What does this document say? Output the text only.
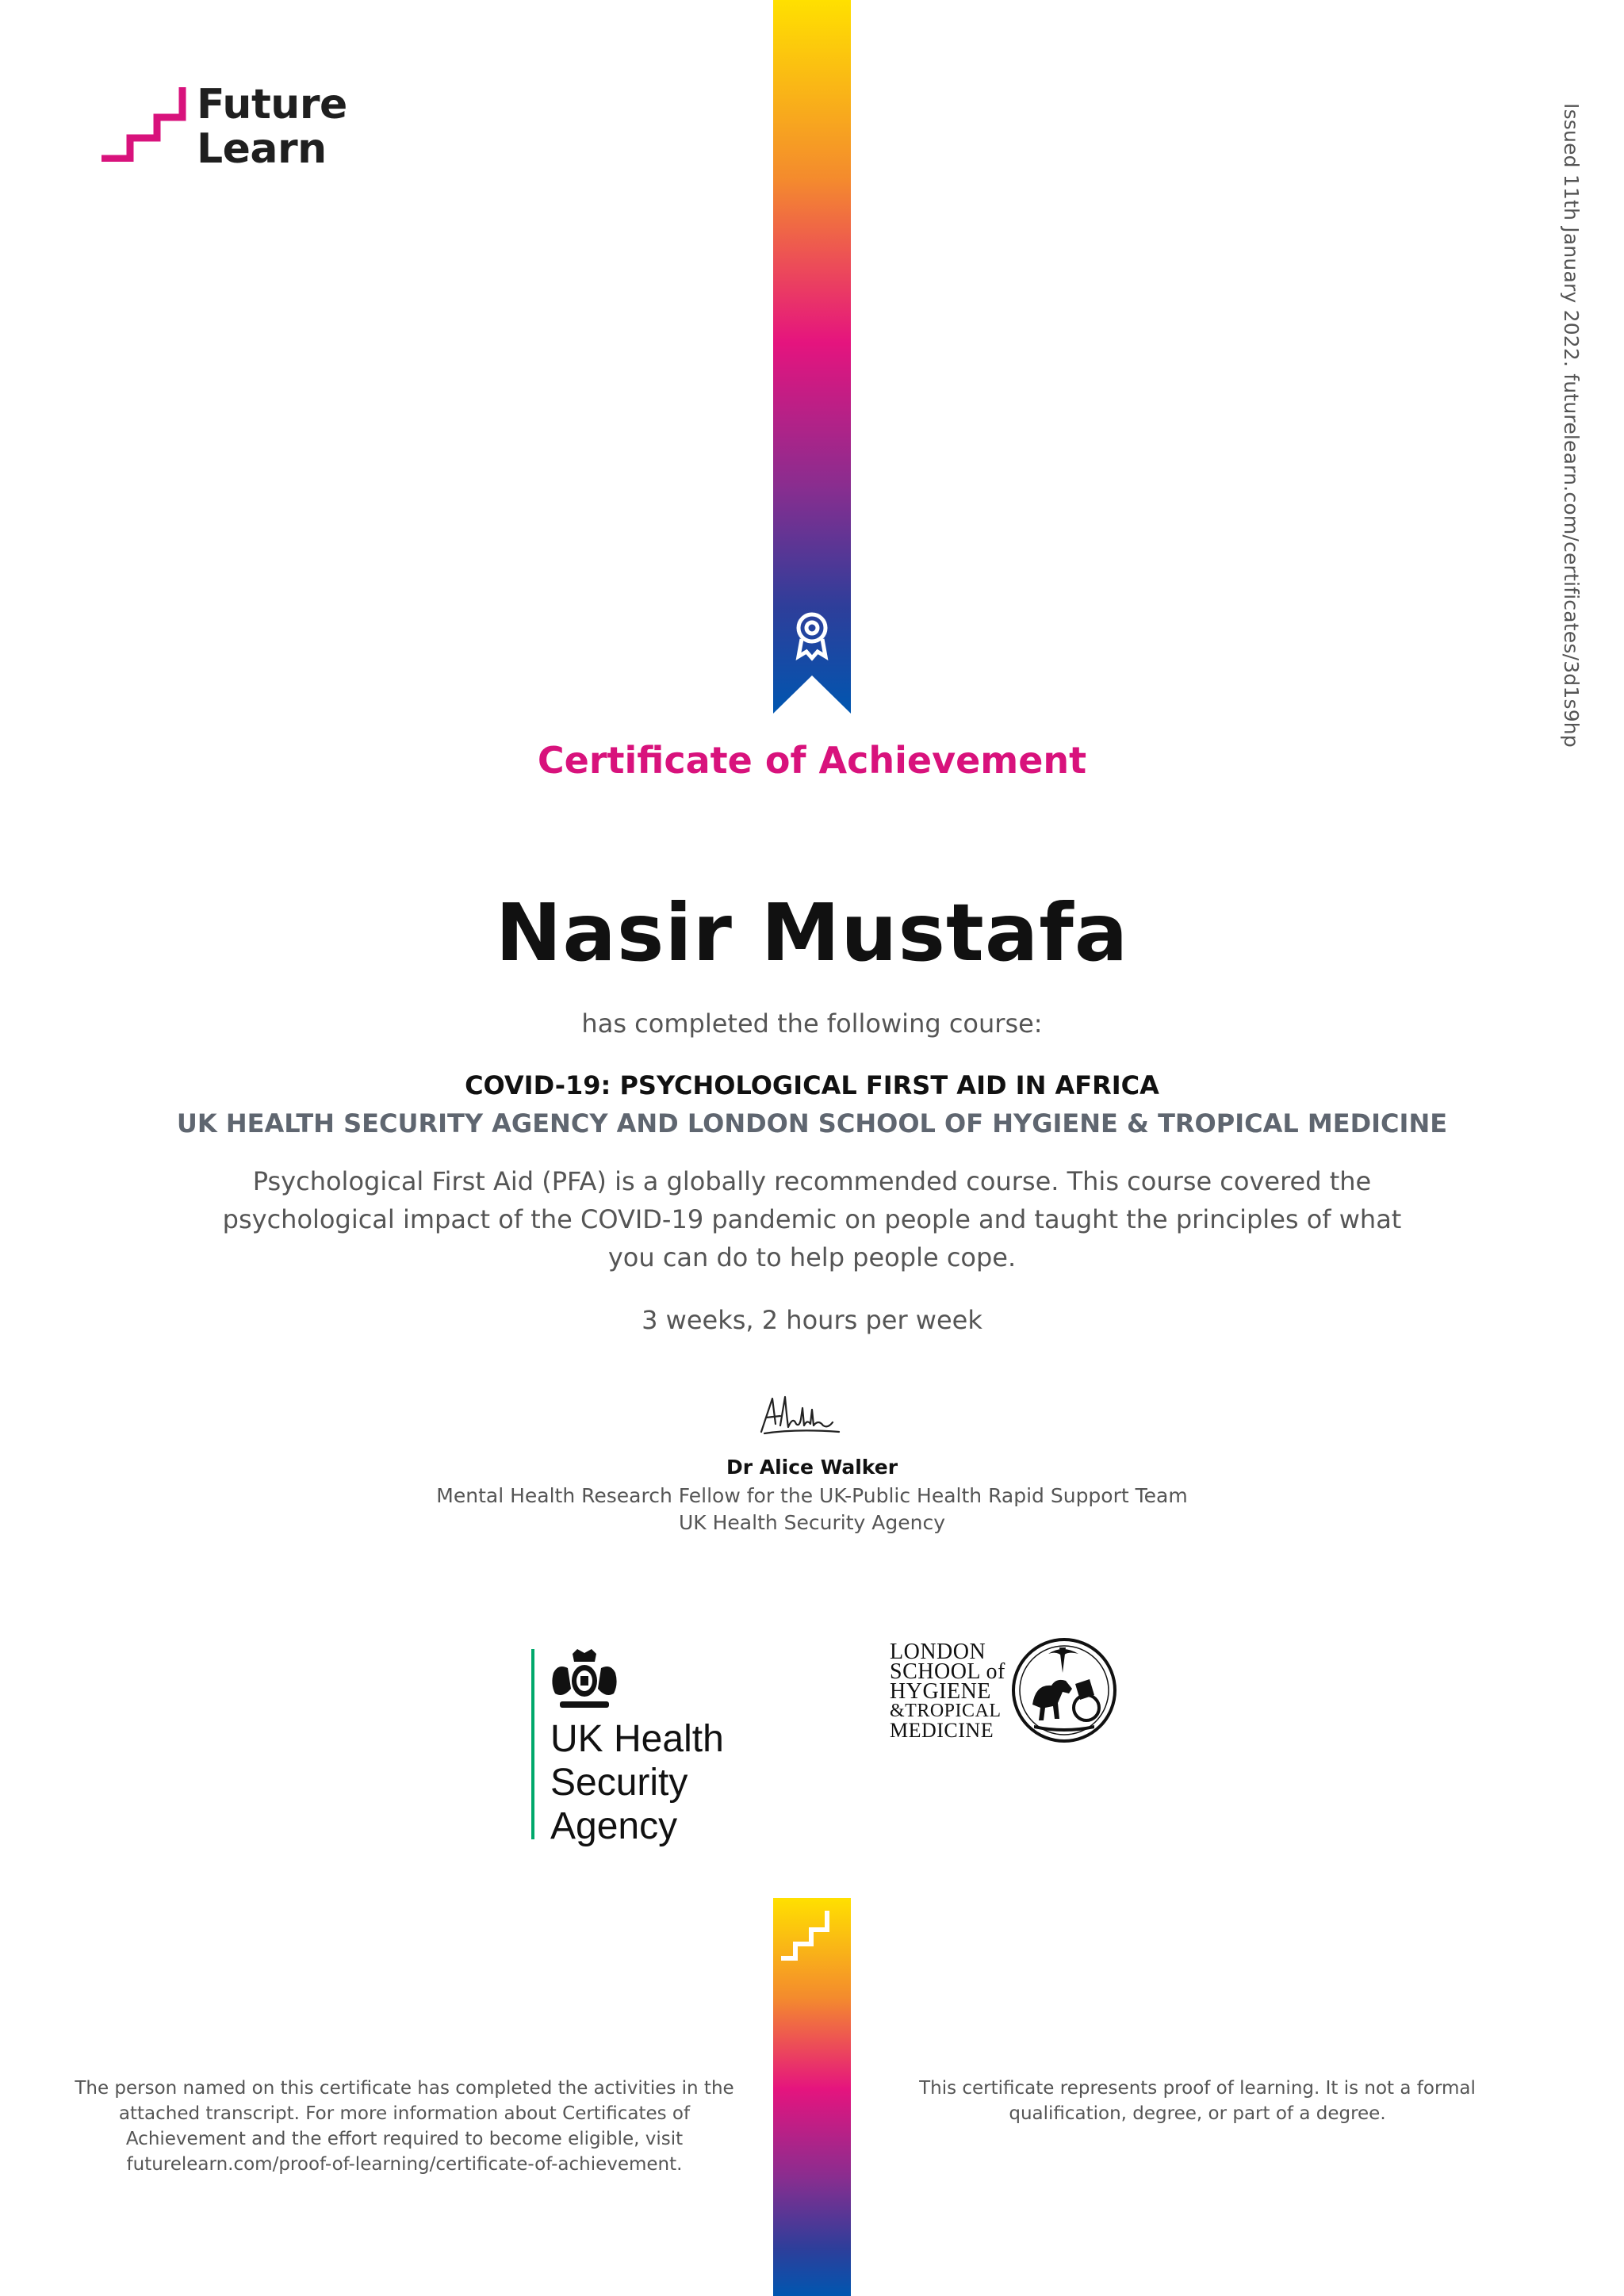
Future
Learn	Issued 11th January 2022. futurelearn.com/certificates/3d1s9hp
Certificate of Achievement
Nasir Mustafa
has completed the following course:
COVID-19: PSYCHOLOGICAL FIRST AID IN AFRICA
UK HEALTH SECURITY AGENCY AND LONDON SCHOOL OF HYGIENE & TROPICAL MEDICINE
Psychological First Aid (PFA) is a globally recommended course. This course covered the psychological impact of the COVID-19 pandemic on people and taught the principles of what you can do to help people cope.
3 weeks, 2 hours per week
Dr Alice Walker
Mental Health Research Fellow for the UK-Public Health Rapid Support Team
UK Health Security Agency
UK Health
Security
Agency
LONDON
SCHOOL of
HYGIENE
&TROPICAL
MEDICINE
The person named on this certificate has completed the activities in the attached transcript. For more information about Certificates of Achievement and the effort required to become eligible, visit futurelearn.com/proof-of-learning/certificate-of-achievement.
This certificate represents proof of learning. It is not a formal qualification, degree, or part of a degree.
